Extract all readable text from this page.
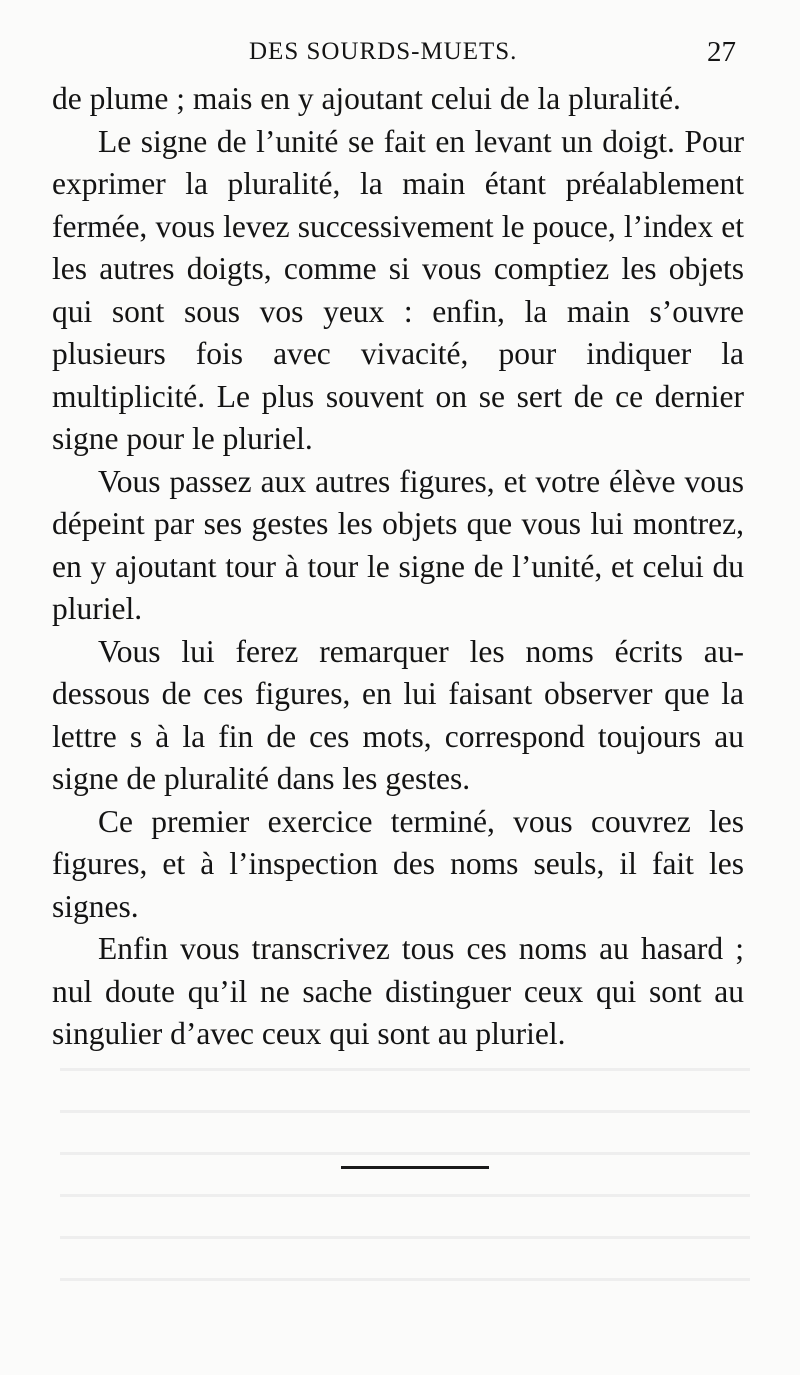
DES SOURDS-MUETS.	27

de plume ; mais en y ajoutant celui de la pluralité.

Le signe de l’unité se fait en levant un doigt. Pour exprimer la pluralité, la main étant préalablement fermée, vous levez successivement le pouce, l’index et les autres doigts, comme si vous comptiez les objets qui sont sous vos yeux : enfin, la main s’ouvre plusieurs fois avec vivacité, pour indiquer la multiplicité. Le plus souvent on se sert de ce dernier signe pour le pluriel.

Vous passez aux autres figures, et votre élève vous dépeint par ses gestes les objets que vous lui montrez, en y ajoutant tour à tour le signe de l’unité, et celui du pluriel.

Vous lui ferez remarquer les noms écrits au-dessous de ces figures, en lui faisant observer que la lettre s à la fin de ces mots, correspond toujours au signe de pluralité dans les gestes.

Ce premier exercice terminé, vous couvrez les figures, et à l’inspection des noms seuls, il fait les signes.

Enfin vous transcrivez tous ces noms au hasard ; nul doute qu’il ne sache distinguer ceux qui sont au singulier d’avec ceux qui sont au pluriel.
